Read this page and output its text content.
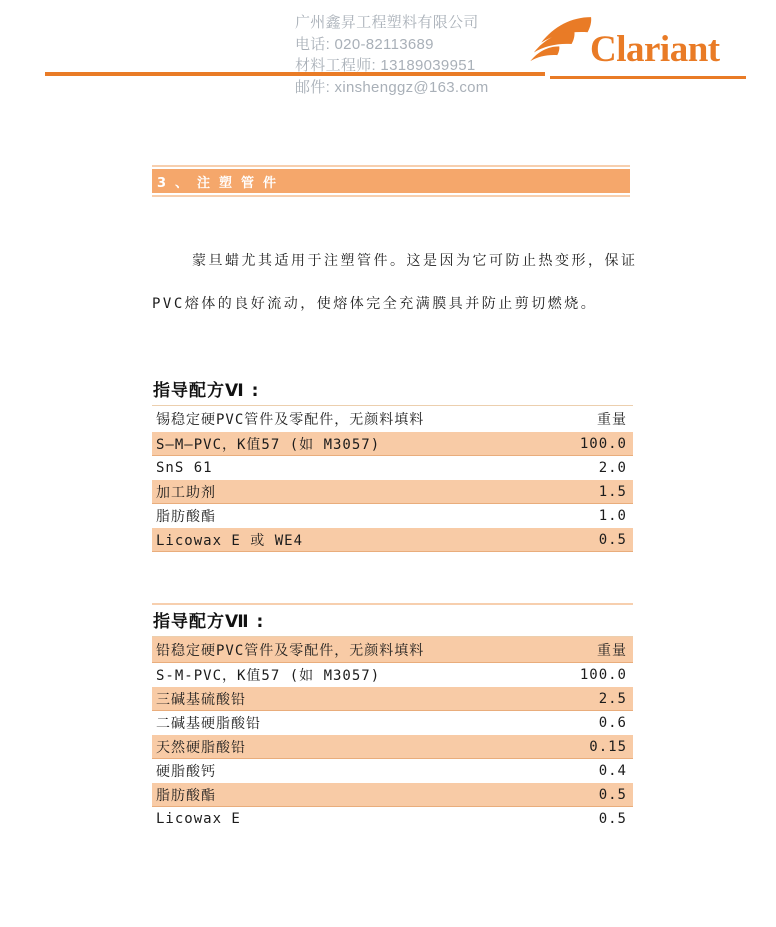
广州鑫昇工程塑料有限公司
电话: 020-82113689
材料工程师: 13189039951
邮件: xinshenggz@163.com
Clariant
3、注塑管件
蒙旦蜡尤其适用于注塑管件。这是因为它可防止热变形，保证
PVC熔体的良好流动，使熔体完全充满膜具并防止剪切燃烧。
指导配方Ⅵ :
锡稳定硬PVC管件及零配件，无颜料填料	重量
S—M—PVC，K值57 (如 M3057)	100.0
SnS 61	2.0
加工助剂	1.5
脂肪酸酯	1.0
Licowax E 或 WE4	0.5
指导配方Ⅶ :
铅稳定硬PVC管件及零配件，无颜料填料	重量
S-M-PVC，K值57 (如 M3057)	100.0
三碱基硫酸铅	2.5
二碱基硬脂酸铅	0.6
天然硬脂酸铅	0.15
硬脂酸钙	0.4
脂肪酸酯	0.5
Licowax E	0.5
